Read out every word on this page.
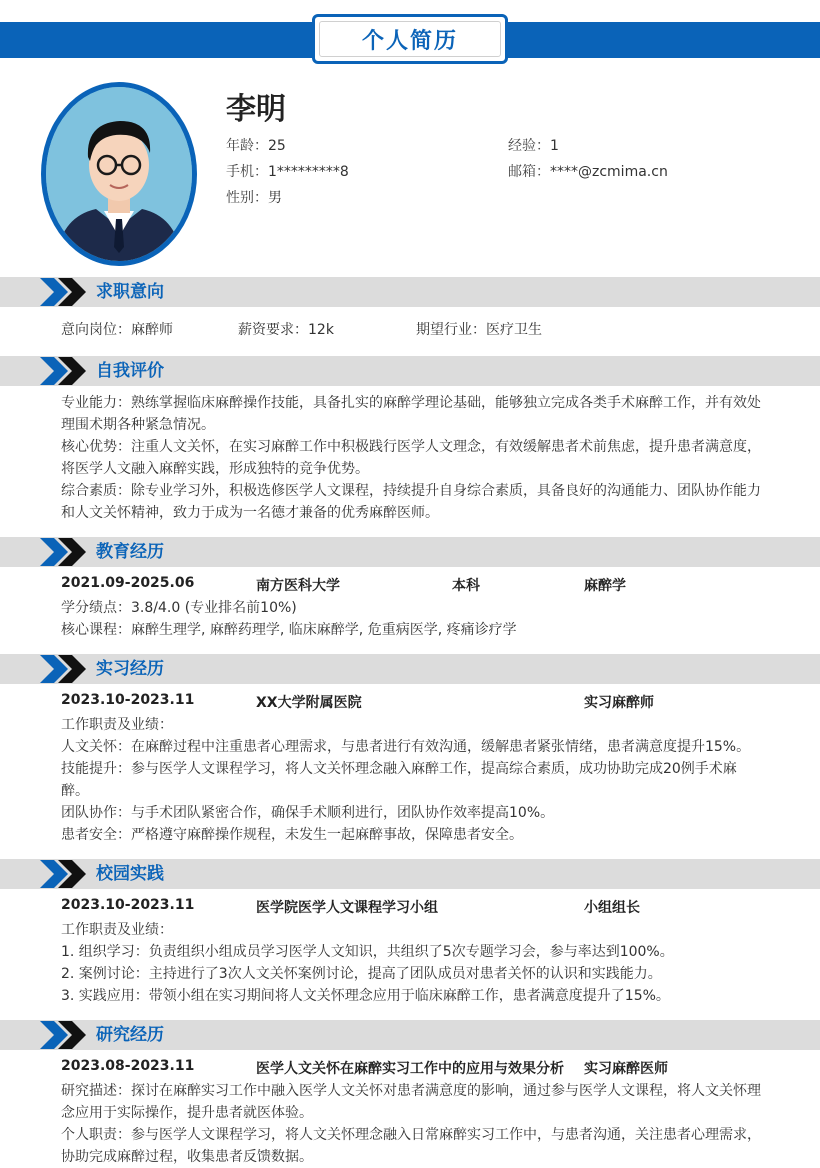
个人简历
李明
年龄：25	经验：1
手机：1*********8	邮箱：****@zcmima.cn
性别：男
求职意向
意向岗位：麻醉师	薪资要求：12k	期望行业：医疗卫生
自我评价
专业能力：熟练掌握临床麻醉操作技能，具备扎实的麻醉学理论基础，能够独立完成各类手术麻醉工作，并有效处理围术期各种紧急情况。
核心优势：注重人文关怀，在实习麻醉工作中积极践行医学人文理念，有效缓解患者术前焦虑，提升患者满意度，将医学人文融入麻醉实践，形成独特的竞争优势。
综合素质：除专业学习外，积极选修医学人文课程，持续提升自身综合素质，具备良好的沟通能力、团队协作能力和人文关怀精神，致力于成为一名德才兼备的优秀麻醉医师。
教育经历
2021.09-2025.06	南方医科大学	本科	麻醉学
学分绩点：3.8/4.0 (专业排名前10%)
核心课程：麻醉生理学, 麻醉药理学, 临床麻醉学, 危重病医学, 疼痛诊疗学
实习经历
2023.10-2023.11	XX大学附属医院	实习麻醉师
工作职责及业绩：
人文关怀：在麻醉过程中注重患者心理需求，与患者进行有效沟通，缓解患者紧张情绪，患者满意度提升15%。
技能提升：参与医学人文课程学习，将人文关怀理念融入麻醉工作，提高综合素质，成功协助完成20例手术麻醉。
团队协作：与手术团队紧密合作，确保手术顺利进行，团队协作效率提高10%。
患者安全：严格遵守麻醉操作规程，未发生一起麻醉事故，保障患者安全。
校园实践
2023.10-2023.11	医学院医学人文课程学习小组	小组组长
工作职责及业绩：
1. 组织学习：负责组织小组成员学习医学人文知识，共组织了5次专题学习会，参与率达到100%。
2. 案例讨论：主持进行了3次人文关怀案例讨论，提高了团队成员对患者关怀的认识和实践能力。
3. 实践应用：带领小组在实习期间将人文关怀理念应用于临床麻醉工作，患者满意度提升了15%。
研究经历
2023.08-2023.11	医学人文关怀在麻醉实习工作中的应用与效果分析 实习麻醉医师
研究描述：探讨在麻醉实习工作中融入医学人文关怀对患者满意度的影响，通过参与医学人文课程，将人文关怀理念应用于实际操作，提升患者就医体验。
个人职责：参与医学人文课程学习，将人文关怀理念融入日常麻醉实习工作中，与患者沟通，关注患者心理需求，协助完成麻醉过程，收集患者反馈数据。
